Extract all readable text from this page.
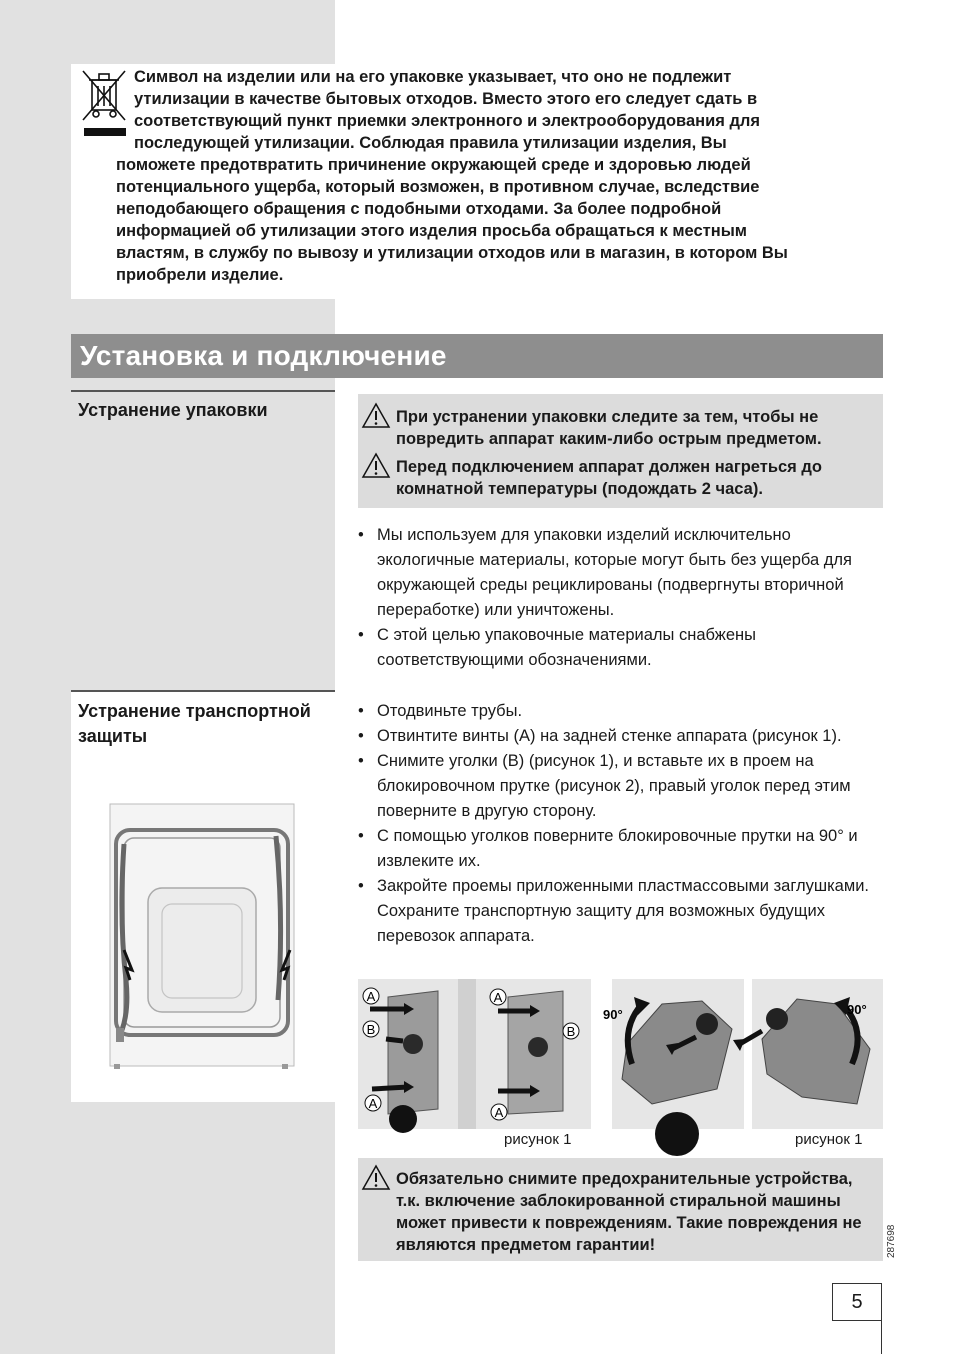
Символ на изделии или на его упаковке указывает, что оно не подлежит

утилизации в качестве бытовых отходов. Вместо этого его следует сдать в

соответствующий пункт приемки электронного и электрооборудования для

последующей утилизации. Соблюдая правила утилизации изделия, Вы

поможете предотвратить причинение окружающей среде и здоровью людей

потенциального ущерба, который возможен, в противном случае, вследствие

неподобающего обращения с подобными отходами. За более подробной

информацией об утилизации этого изделия просьба обращаться к местным

властям, в службу по вывозу и утилизации отходов или в магазин, в котором Вы

приобрели изделие.

Установка и подключение
Устранение упаковки	При устранении упаковки следите за тем, чтобы не повредить аппарат каким-либо острым предметом.
Перед подключением аппарат должен нагреться до комнатной температуры (подождать 2 часа).
• Мы используем для упаковки изделий исключительно экологичные материалы, которые могут быть без ущерба для окружающей среды рециклированы (подвергнуты вторичной переработке) или уничтожены.
• С этой целью упаковочные материалы снабжены соответствующими обозначениями.
Устранение транспортной защиты
• Отодвиньте трубы.
• Отвинтите винты (A) на задней стенке аппарата (рисунок 1).
• Снимите уголки (B) (рисунок 1), и вставьте их в проем на блокировочном прутке (рисунок 2), правый уголок перед этим поверните в другую сторону.
• С помощью уголков поверните блокировочные прутки на 90° и извлеките их.
• Закройте проемы приложенными пластмассовыми заглушками.
Сохраните транспортную защиту для возможных будущих перевозок аппарата.
A
B
A
A
B
A
90°	90°
рисунок 1	рисунок 1
Обязательно снимите предохранительные устройства, т.к. включение заблокированной стиральной машины может привести к повреждениям. Такие повреждения не являются предметом гарантии!	287698
5
